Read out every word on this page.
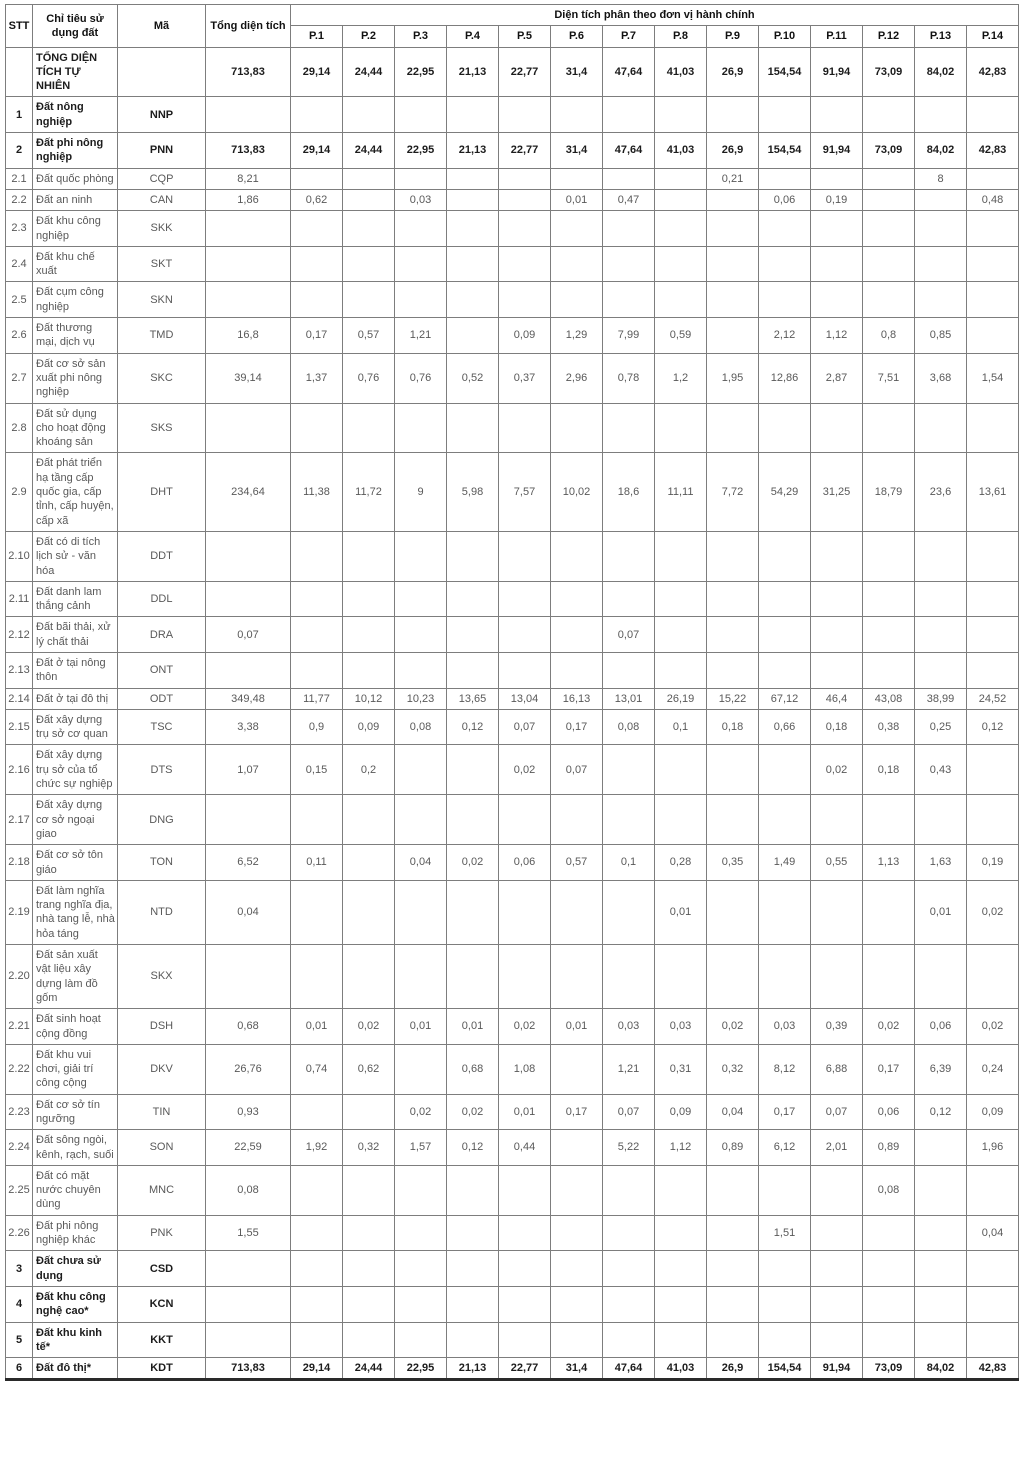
STT	Chỉ tiêu sử dụng đất	Mã	Tổng diện tích	Diện tích phân theo đơn vị hành chính													
				P.1	P.2	P.3	P.4	P.5	P.6	P.7	P.8	P.9	P.10	P.11	P.12	P.13	P.14
	TỔNG DIỆN TÍCH TỰ NHIÊN		713,83	29,14	24,44	22,95	21,13	22,77	31,4	47,64	41,03	26,9	154,54	91,94	73,09	84,02	42,83
1	Đất nông nghiệp	NNP															
2	Đất phi nông nghiệp	PNN	713,83	29,14	24,44	22,95	21,13	22,77	31,4	47,64	41,03	26,9	154,54	91,94	73,09	84,02	42,83
2.1	Đất quốc phòng	CQP	8,21									0,21				8	
2.2	Đất an ninh	CAN	1,86	0,62		0,03			0,01	0,47			0,06	0,19			0,48
2.3	Đất khu công nghiệp	SKK															
2.4	Đất khu chế xuất	SKT															
2.5	Đất cụm công nghiệp	SKN															
2.6	Đất thương mại, dịch vụ	TMD	16,8	0,17	0,57	1,21		0,09	1,29	7,99	0,59		2,12	1,12	0,8	0,85	
2.7	Đất cơ sở sản xuất phi nông nghiệp	SKC	39,14	1,37	0,76	0,76	0,52	0,37	2,96	0,78	1,2	1,95	12,86	2,87	7,51	3,68	1,54
2.8	Đất sử dụng cho hoạt động khoáng sản	SKS															
2.9	Đất phát triển hạ tầng cấp quốc gia, cấp tỉnh, cấp huyện, cấp xã	DHT	234,64	11,38	11,72	9	5,98	7,57	10,02	18,6	11,11	7,72	54,29	31,25	18,79	23,6	13,61
2.10	Đất có di tích lịch sử - văn hóa	DDT															
2.11	Đất danh lam thắng cảnh	DDL															
2.12	Đất bãi thải, xử lý chất thải	DRA	0,07							0,07							
2.13	Đất ở tại nông thôn	ONT															
2.14	Đất ở tại đô thị	ODT	349,48	11,77	10,12	10,23	13,65	13,04	16,13	13,01	26,19	15,22	67,12	46,4	43,08	38,99	24,52
2.15	Đất xây dựng trụ sở cơ quan	TSC	3,38	0,9	0,09	0,08	0,12	0,07	0,17	0,08	0,1	0,18	0,66	0,18	0,38	0,25	0,12
2.16	Đất xây dựng trụ sở của tổ chức sự nghiệp	DTS	1,07	0,15	0,2			0,02	0,07					0,02	0,18	0,43	
2.17	Đất xây dựng cơ sở ngoại giao	DNG															
2.18	Đất cơ sở tôn giáo	TON	6,52	0,11		0,04	0,02	0,06	0,57	0,1	0,28	0,35	1,49	0,55	1,13	1,63	0,19
2.19	Đất làm nghĩa trang nghĩa địa, nhà tang lễ, nhà hỏa táng	NTD	0,04								0,01					0,01	0,02
2.20	Đất sản xuất vật liệu xây dựng làm đồ gốm	SKX															
2.21	Đất sinh hoạt cộng đồng	DSH	0,68	0,01	0,02	0,01	0,01	0,02	0,01	0,03	0,03	0,02	0,03	0,39	0,02	0,06	0,02
2.22	Đất khu vui chơi, giải trí công cộng	DKV	26,76	0,74	0,62		0,68	1,08		1,21	0,31	0,32	8,12	6,88	0,17	6,39	0,24
2.23	Đất cơ sở tín ngưỡng	TIN	0,93			0,02	0,02	0,01	0,17	0,07	0,09	0,04	0,17	0,07	0,06	0,12	0,09
2.24	Đất sông ngòi, kênh, rạch, suối	SON	22,59	1,92	0,32	1,57	0,12	0,44		5,22	1,12	0,89	6,12	2,01	0,89		1,96
2.25	Đất có mặt nước chuyên dùng	MNC	0,08												0,08		
2.26	Đất phi nông nghiệp khác	PNK	1,55										1,51				0,04
3	Đất chưa sử dụng	CSD															
4	Đất khu công nghệ cao*	KCN															
5	Đất khu kinh tế*	KKT															
6	Đất đô thị*	KDT	713,83	29,14	24,44	22,95	21,13	22,77	31,4	47,64	41,03	26,9	154,54	91,94	73,09	84,02	42,83
